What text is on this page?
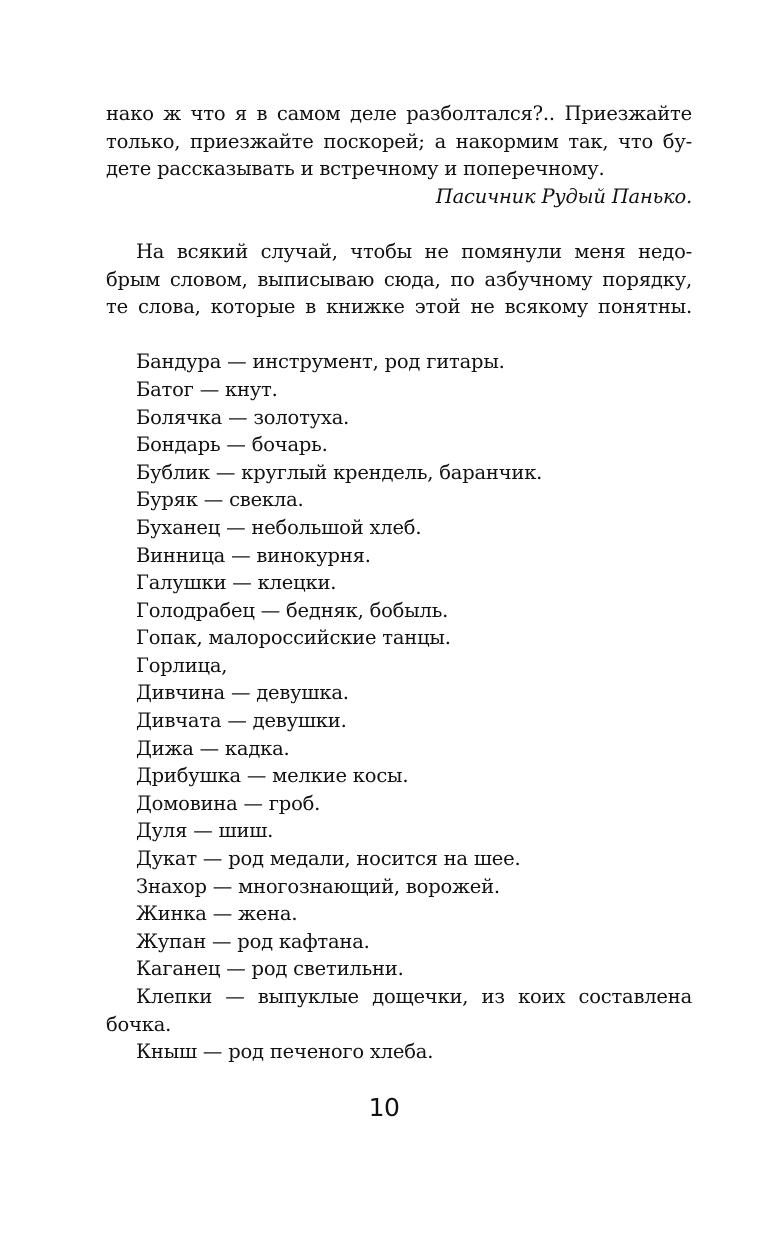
нако ж что я в самом деле разболтался?.. Приезжайте
только, приезжайте поскорей; а накормим так, что бу-
дете рассказывать и встречному и поперечному.
Пасичник Рудый Панько.
На всякий случай, чтобы не помянули меня недо-
брым словом, выписываю сюда, по азбучному порядку,
те слова, которые в книжке этой не всякому понятны.
Бандура — инструмент, род гитары.
Батог — кнут.
Болячка — золотуха.
Бондарь — бочарь.
Бублик — круглый крендель, баранчик.
Буряк — свекла.
Буханец — небольшой хлеб.
Винница — винокурня.
Галушки — клецки.
Голодрабец — бедняк, бобыль.
Гопак, малороссийские танцы.
Горлица,
Дивчина — девушка.
Дивчата — девушки.
Дижа — кадка.
Дрибушка — мелкие косы.
Домовина — гроб.
Дуля — шиш.
Дукат — род медали, носится на шее.
Знахор — многознающий, ворожей.
Жинка — жена.
Жупан — род кафтана.
Каганец — род светильни.
Клепки — выпуклые дощечки, из коих составлена
бочка.
Кныш — род печеного хлеба.
10
